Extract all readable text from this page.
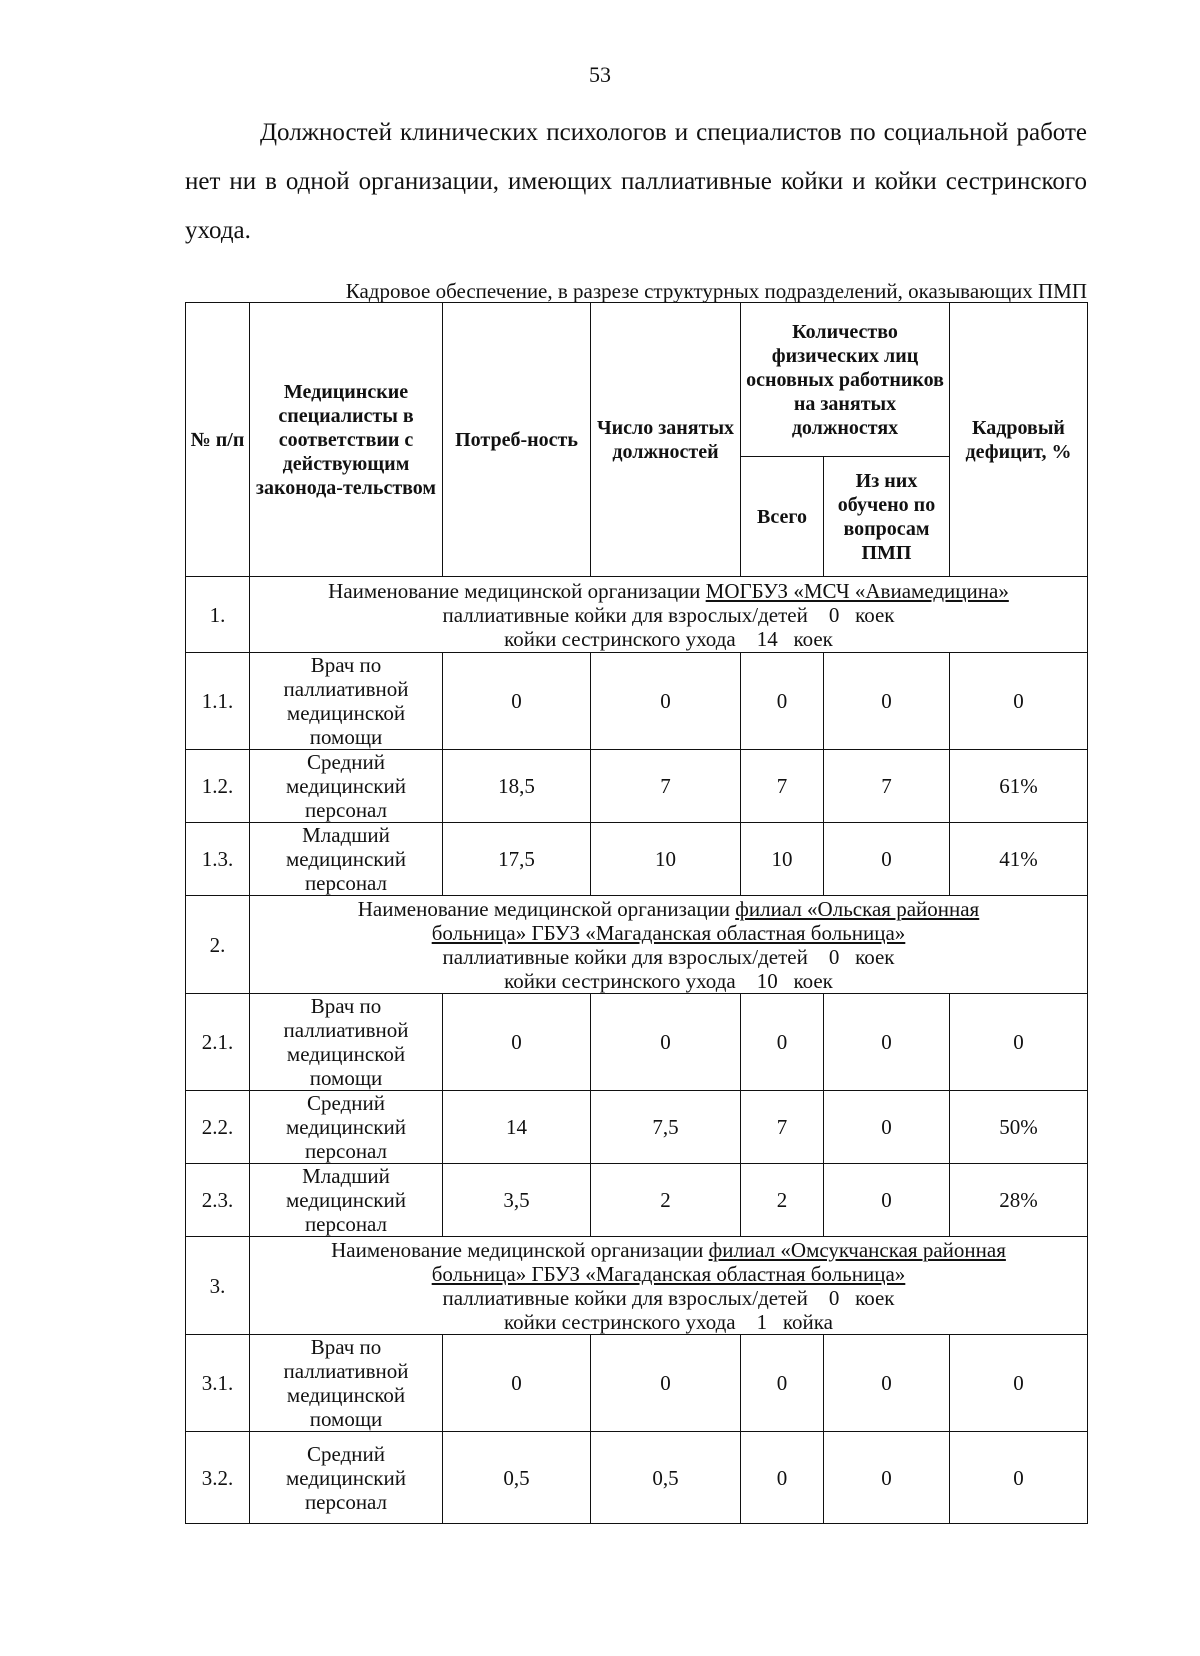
53

Должностей клинических психологов и специалистов по социальной работе нет ни в одной организации, имеющих паллиативные койки и койки сестринского ухода.

Кадровое обеспечение, в разрезе структурных подразделений, оказывающих ПМП
№ п/п	Медицинские специалисты в соответствии с действующим законода-тельством	Потреб-ность	Число занятых должностей	Количество физических лиц основных работников на занятых должностях		Кадровый дефицит, %
				Всего	Из них обучено по вопросам ПМП	
1.	Наименование медицинской организации МОГБУЗ «МСЧ «Авиамедицина»
паллиативные койки для взрослых/детей 0 коек
койки сестринского ухода 14 коек					

1.1.	Врач по паллиативной медицинской помощи	0	0	0	0	0
1.2.	Средний медицинский персонал	18,5	7	7	7	61%
1.3.	Младший медицинский персонал	17,5	10	10	0	41%
2.	Наименование медицинской организации филиал «Ольская районная
больница» ГБУЗ «Магаданская областная больница»
паллиативные койки для взрослых/детей 0 коек
койки сестринского ухода 10 коек					

2.1.	Врач по паллиативной медицинской помощи	0	0	0	0	0
2.2.	Средний медицинский персонал	14	7,5	7	0	50%
2.3.	Младший медицинский персонал	3,5	2	2	0	28%
3.	Наименование медицинской организации филиал «Омсукчанская районная
больница» ГБУЗ «Магаданская областная больница»
паллиативные койки для взрослых/детей 0 коек
койки сестринского ухода 1 койка					

3.1.	Врач по паллиативной медицинской помощи	0	0	0	0	0
3.2.	Средний медицинский персонал	0,5	0,5	0	0	0
